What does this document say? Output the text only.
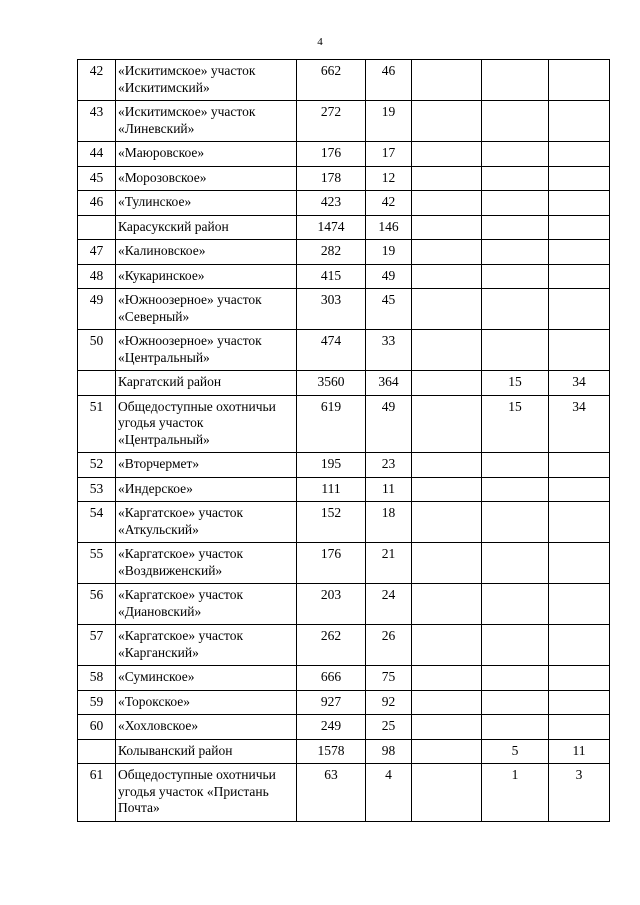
4
42	«Искитимское» участок «Искитимский»	662	46			
43	«Искитимское» участок «Линевский»	272	19			
44	«Маюровское»	176	17			
45	«Морозовское»	178	12			
46	«Тулинское»	423	42			
	Карасукский район	1474	146			
47	«Калиновское»	282	19			
48	«Кукаринское»	415	49			
49	«Южноозерное» участок «Северный»	303	45			
50	«Южноозерное» участок «Центральный»	474	33			
	Каргатский район	3560	364		15	34
51	Общедоступные охотничьи угодья участок «Центральный»	619	49		15	34
52	«Вторчермет»	195	23			
53	«Индерское»	111	11			
54	«Каргатское» участок «Аткульский»	152	18			
55	«Каргатское» участок «Воздвиженский»	176	21			
56	«Каргатское» участок «Диановский»	203	24			
57	«Каргатское» участок «Карганский»	262	26			
58	«Суминское»	666	75			
59	«Торокское»	927	92			
60	«Хохловское»	249	25			
	Колыванский район	1578	98		5	11
61	Общедоступные охотничьи угодья участок «Пристань Почта»	63	4		1	3
